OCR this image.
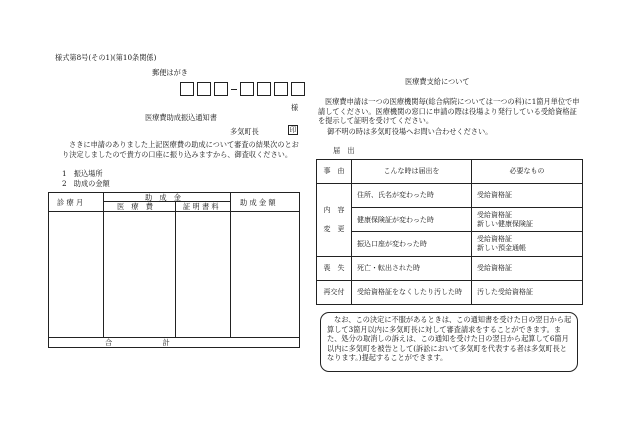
様式第8号(その1)(第10条関係)
郵便はがき
様
医療費助成振込通知書
多気町長	印
さきに申請のありました上記医療費の助成について審査の結果次のとおり決定しましたので貴方の口座に振り込みますから、御査収ください。
1　振込場所
2　助成の金額
診 療 月
助　成　金
医　療　費	証 明 書 料	助 成 金 額
合　　　　　　　計
医療費支給について
医療費申請は一つの医療機関毎(総合病院については一つの科)に1箇月単位で申請してください。医療機関の窓口に申請の際は役場より発行している受給資格証を提示して証明を受けてください。
御不明の時は多気町役場へお問い合わせください。
届　出
事　由	こんな時は届出を	必要なもの

内　容
変　更	住所、氏名が変わった時	受給資格証
	健康保険証が変わった時	受給資格証
新しい健康保険証
	振込口座が変わった時	受給資格証
新しい預金通帳
喪　失	死亡・転出された時	受給資格証
再交付	受給資格証をなくしたり汚した時	汚した受給資格証
なお、この決定に不服があるときは、この通知書を受けた日の翌日から起算して3箇月以内に多気町長に対して審査請求をすることができます。また、処分の取消しの訴えは、この通知を受けた日の翌日から起算して6箇月以内に多気町を被告として(訴訟において多気町を代表する者は多気町長となります。)提起することができます。
